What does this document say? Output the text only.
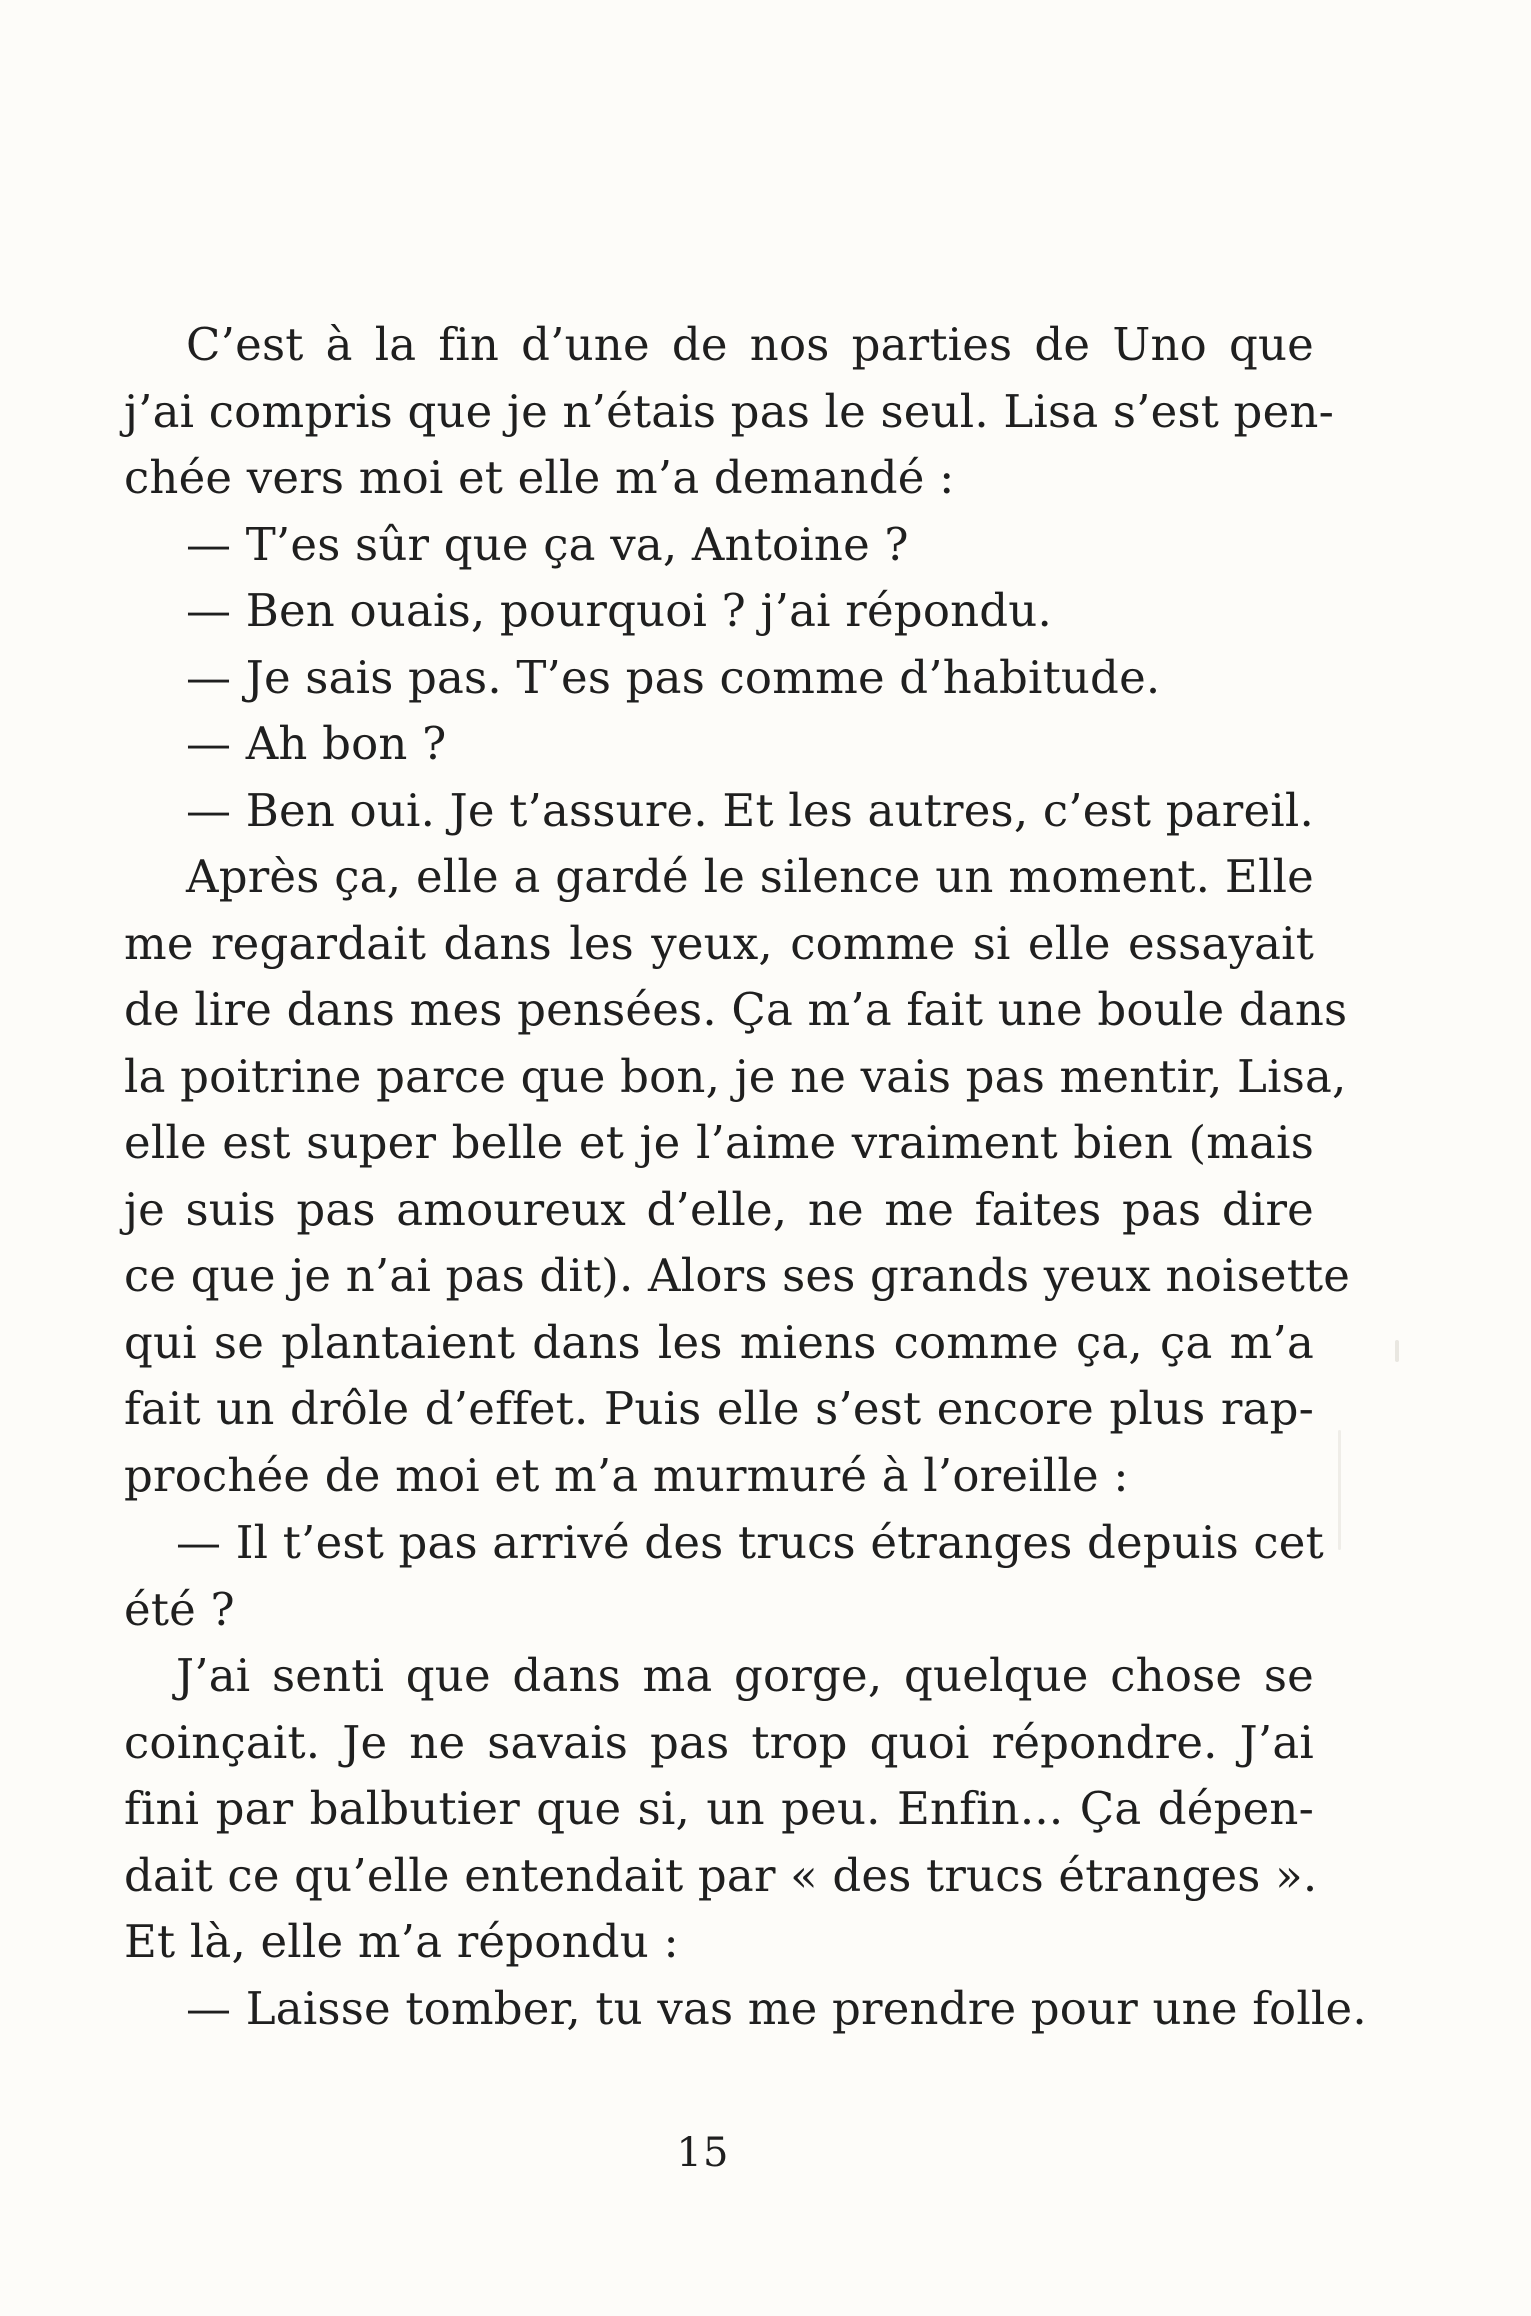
C’est à la fin d’une de nos parties de Uno que
j’ai compris que je n’étais pas le seul. Lisa s’est pen-
chée vers moi et elle m’a demandé :
— T’es sûr que ça va, Antoine ?
— Ben ouais, pourquoi ? j’ai répondu.
— Je sais pas. T’es pas comme d’habitude.
— Ah bon ?
— Ben oui. Je t’assure. Et les autres, c’est pareil.
Après ça, elle a gardé le silence un moment. Elle
me regardait dans les yeux, comme si elle essayait
de lire dans mes pensées. Ça m’a fait une boule dans
la poitrine parce que bon, je ne vais pas mentir, Lisa,
elle est super belle et je l’aime vraiment bien (mais
je suis pas amoureux d’elle, ne me faites pas dire
ce que je n’ai pas dit). Alors ses grands yeux noisette
qui se plantaient dans les miens comme ça, ça m’a
fait un drôle d’effet. Puis elle s’est encore plus rap-
prochée de moi et m’a murmuré à l’oreille :
— Il t’est pas arrivé des trucs étranges depuis cet
été ?
J’ai senti que dans ma gorge, quelque chose se
coinçait. Je ne savais pas trop quoi répondre. J’ai
fini par balbutier que si, un peu. Enfin... Ça dépen-
dait ce qu’elle entendait par « des trucs étranges ».
Et là, elle m’a répondu :
— Laisse tomber, tu vas me prendre pour une folle.
15
